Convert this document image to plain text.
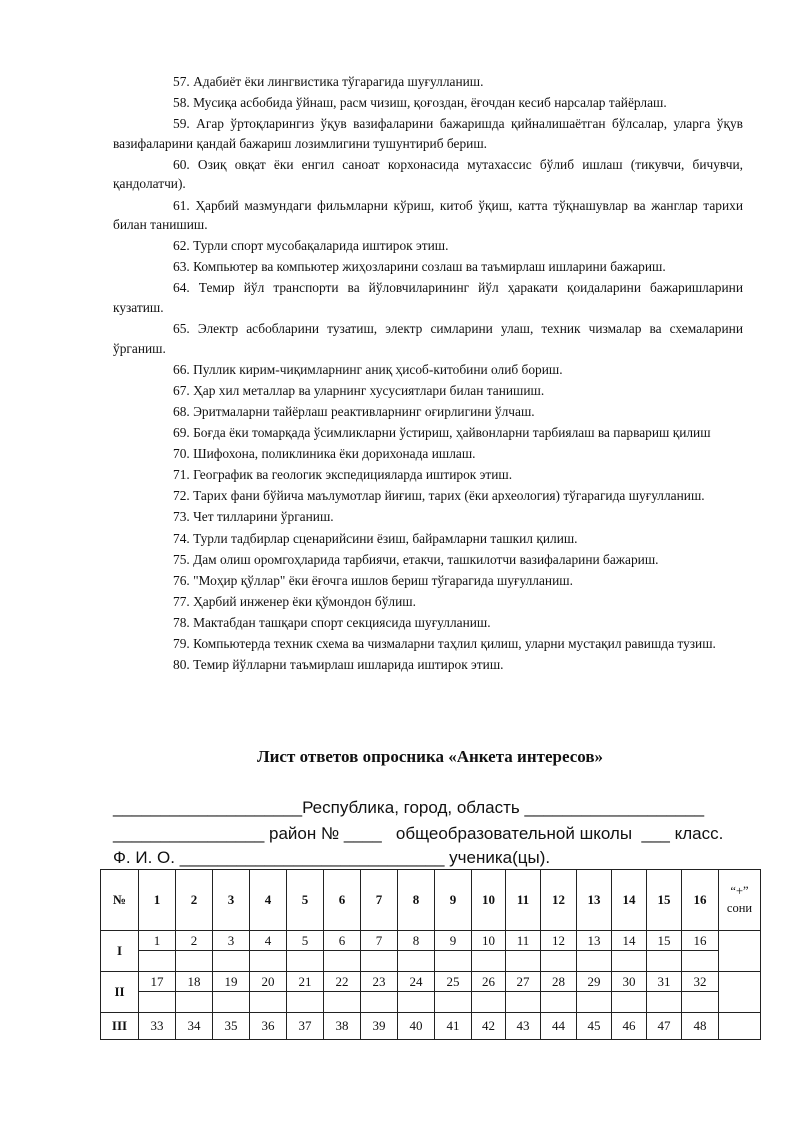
57. Адабиёт ёки лингвистика тўгарагида шуғулланиш.
58. Мусиқа асбобида ўйнаш, расм чизиш, қоғоздан, ёғочдан кесиб нарсалар тайёрлаш.
59. Агар ўртоқларингиз ўқув вазифаларини бажаришда қийналишаётган бўлсалар, уларга ўқув вазифаларини қандай бажариш лозимлигини тушунтириб бериш.
60. Озиқ овқат ёки енгил саноат корхонасида мутахассис бўлиб ишлаш (тикувчи, бичувчи, қандолатчи).
61. Ҳарбий мазмундаги фильмларни кўриш, китоб ўқиш, катта тўқнашувлар ва жанглар тарихи билан танишиш.
62. Турли спорт мусобақаларида иштирок этиш.
63. Компьютер ва компьютер жиҳозларини созлаш ва таъмирлаш ишларини бажариш.
64. Темир йўл транспорти ва йўловчиларининг йўл ҳаракати қоидаларини бажаришларини кузатиш.
65. Электр асбобларини тузатиш, электр симларини улаш, техник чизмалар ва схемаларини ўрганиш.
66. Пуллик кирим-чиқимларнинг аниқ ҳисоб-китобини олиб бориш.
67. Ҳар хил металлар ва уларнинг хусусиятлари билан танишиш.
68. Эритмаларни тайёрлаш реактивларнинг оғирлигини ўлчаш.
69. Боғда ёки томарқада ўсимликларни ўстириш, ҳайвонларни тарбиялаш ва парвариш қилиш
70. Шифохона, поликлиника ёки дорихонада ишлаш.
71. Географик ва геологик экспедицияларда иштирок этиш.
72. Тарих фани бўйича маълумотлар йиғиш, тарих (ёки археология) тўгарагида шуғулланиш.
73. Чет тилларини ўрганиш.
74. Турли тадбирлар сценарийсини ёзиш, байрамларни ташкил қилиш.
75. Дам олиш оромгоҳларида тарбиячи, етакчи, ташкилотчи вазифаларини бажариш.
76. "Моҳир қўллар" ёки ёғочга ишлов бериш тўгарагида шуғулланиш.
77. Ҳарбий инженер ёки қўмондон бўлиш.
78. Мактабдан ташқари спорт секциясида шуғулланиш.
79. Компьютерда техник схема ва чизмаларни таҳлил қилиш, уларни мустақил равишда тузиш.
80. Темир йўлларни таъмирлаш ишларида иштирок этиш.
Лист ответов опросника «Анкета интересов»
____________________Республика, город, область ___________________
________________ район № ____   общеобразовательной школы  ___ класс.
Ф. И. О. ____________________________ ученика(цы).
№	1	2	3	4	5	6	7	8	9	10	11	12	13	14	15	16	“+” сони
I	1	2	3	4	5	6	7	8	9	10	11	12	13	14	15	16	

II	17	18	19	20	21	22	23	24	25	26	27	28	29	30	31	32	

III	33	34	35	36	37	38	39	40	41	42	43	44	45	46	47	48	
